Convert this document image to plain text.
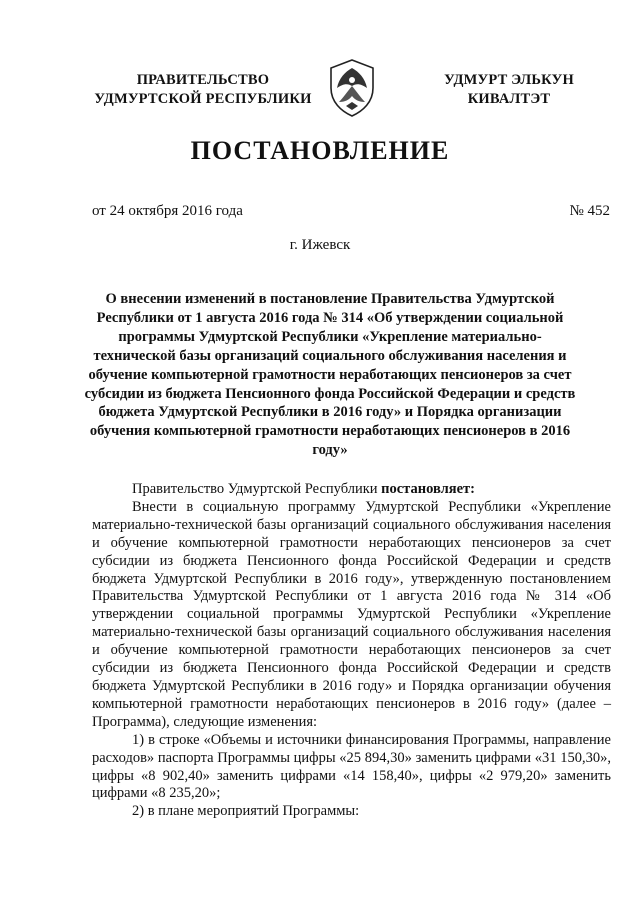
ПРАВИТЕЛЬСТВО
УДМУРТСКОЙ РЕСПУБЛИКИ
УДМУРТ ЭЛЬКУН
КИВАЛТЭТ
ПОСТАНОВЛЕНИЕ
от 24 октября 2016 года	№ 452
г. Ижевск
О внесении изменений в постановление Правительства Удмуртской Республики от 1 августа 2016 года № 314 «Об утверждении социальной программы Удмуртской Республики «Укрепление материально-технической базы организаций социального обслуживания населения и обучение компьютерной грамотности неработающих пенсионеров за счет субсидии из бюджета Пенсионного фонда Российской Федерации и средств бюджета Удмуртской Республики в 2016 году» и Порядка организации обучения компьютерной грамотности неработающих пенсионеров в 2016 году»

Правительство Удмуртской Республики постановляет:

Внести в социальную программу Удмуртской Республики «Укрепление материально-технической базы организаций социального обслуживания населения и обучение компьютерной грамотности неработающих пенсионеров за счет субсидии из бюджета Пенсионного фонда Российской Федерации и средств бюджета Удмуртской Республики в 2016 году», утвержденную постановлением Правительства Удмуртской Республики от 1 августа 2016 года № 314 «Об утверждении социальной программы Удмуртской Республики «Укрепление материально-технической базы организаций социального обслуживания населения и обучение компьютерной грамотности неработающих пенсионеров за счет субсидии из бюджета Пенсионного фонда Российской Федерации и средств бюджета Удмуртской Республики в 2016 году» и Порядка организации обучения компьютерной грамотности неработающих пенсионеров в 2016 году» (далее – Программа), следующие изменения:

1) в строке «Объемы и источники финансирования Программы, направление расходов» паспорта Программы цифры «25 894,30» заменить цифрами «31 150,30», цифры «8 902,40» заменить цифрами «14 158,40», цифры «2 979,20» заменить цифрами «8 235,20»;

2) в плане мероприятий Программы:
